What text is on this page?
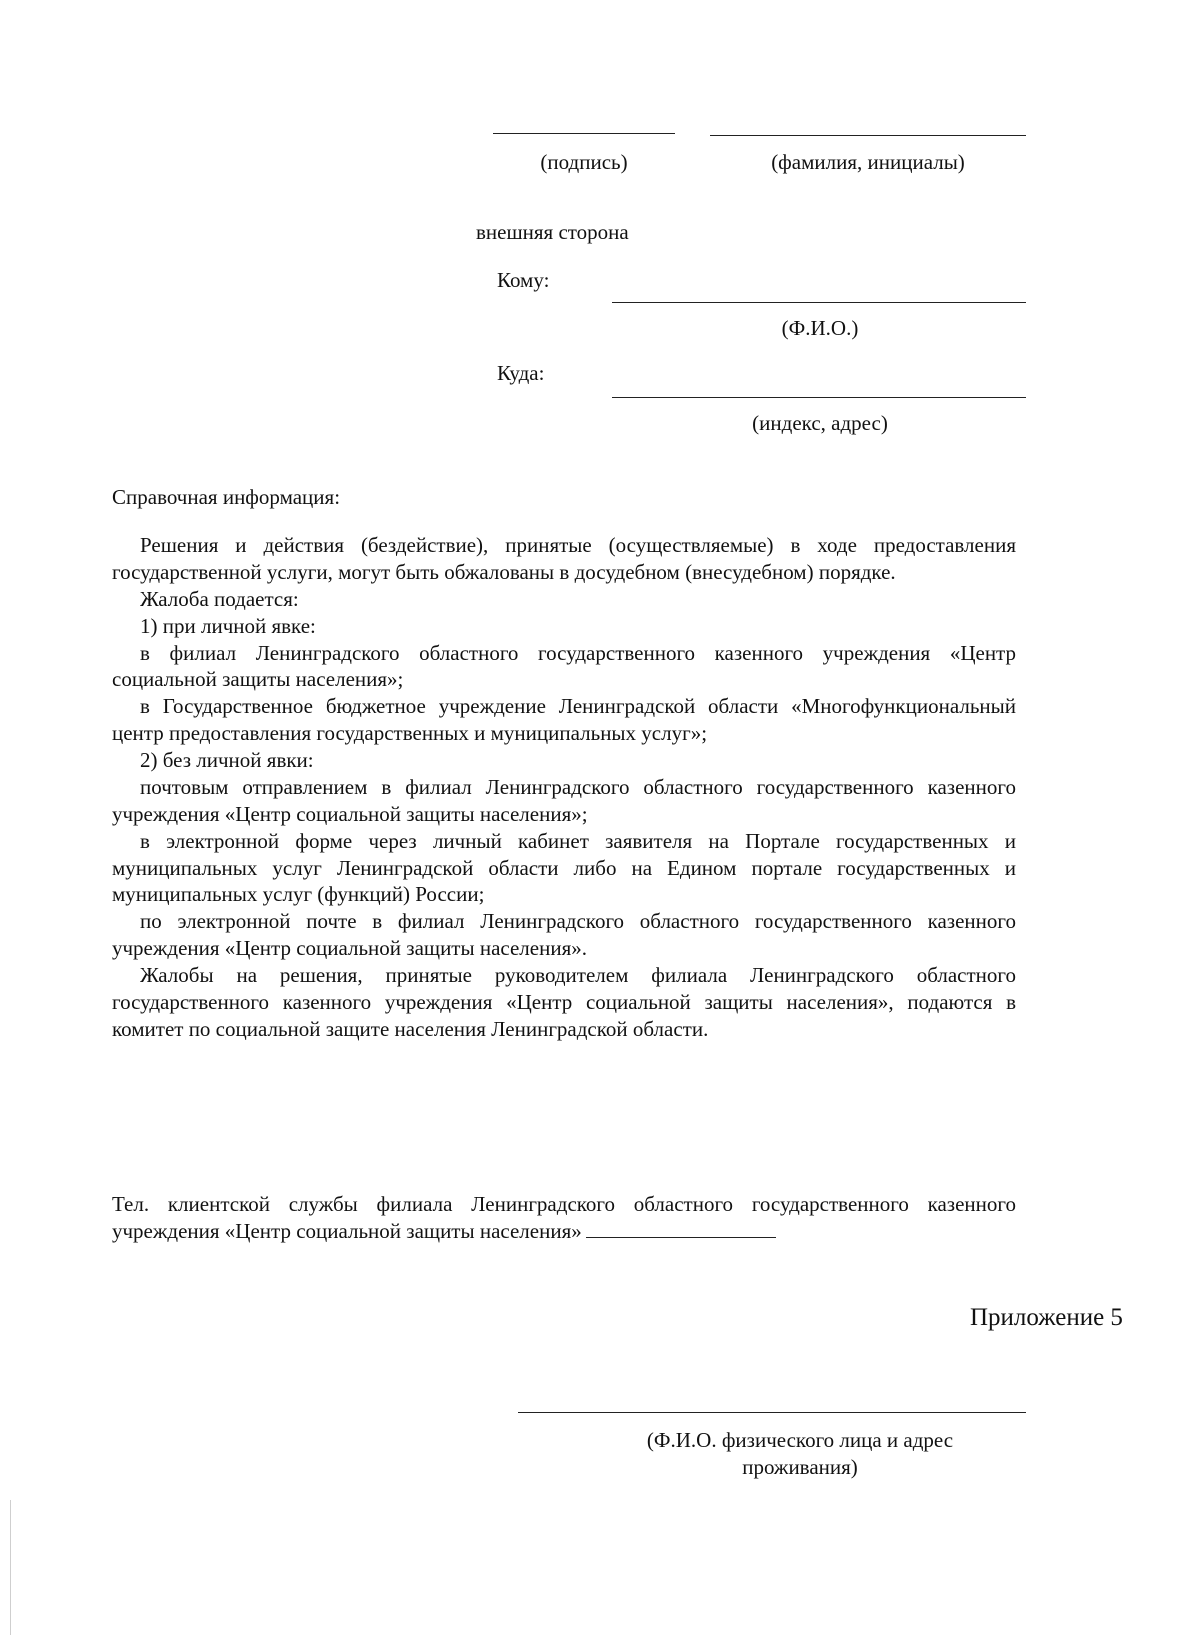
(подпись)	(фамилия, инициалы)
внешняя сторона
Кому:
(Ф.И.О.)
Куда:
(индекс, адрес)
Справочная информация:

Решения и действия (бездействие), принятые (осуществляемые) в ходе предоставления государственной услуги, могут быть обжалованы в досудебном (внесудебном) порядке.

Жалоба подается:

1) при личной явке:

в филиал Ленинградского областного государственного казенного учреждения «Центр социальной защиты населения»;

в Государственное бюджетное учреждение Ленинградской области «Многофункциональный центр предоставления государственных и муниципальных услуг»;

2) без личной явки:

почтовым отправлением в филиал Ленинградского областного государственного казенного учреждения «Центр социальной защиты населения»;

в электронной форме через личный кабинет заявителя на Портале государственных и муниципальных услуг Ленинградской области либо на Едином портале государственных и муниципальных услуг (функций) России;

по электронной почте в филиал Ленинградского областного государственного казенного учреждения «Центр социальной защиты населения».

Жалобы на решения, принятые руководителем филиала Ленинградского областного государственного казенного учреждения «Центр социальной защиты населения», подаются в комитет по социальной защите населения Ленинградской области.

Тел. клиентской службы филиала Ленинградского областного государственного казенного учреждения «Центр социальной защиты населения»

Приложение 5
(Ф.И.О. физического лица и адрес
проживания)
